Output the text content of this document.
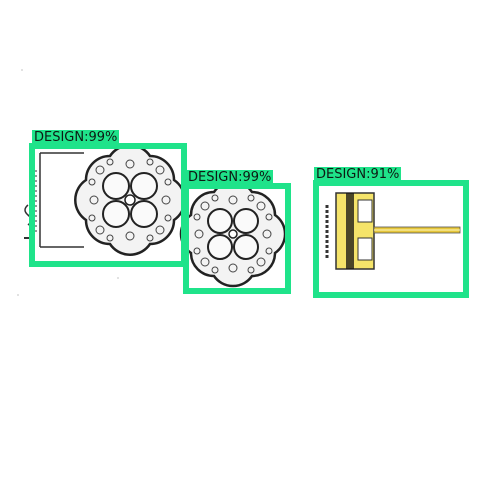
DESIGN:99%
DESIGN:99%	DESIGN:91%
